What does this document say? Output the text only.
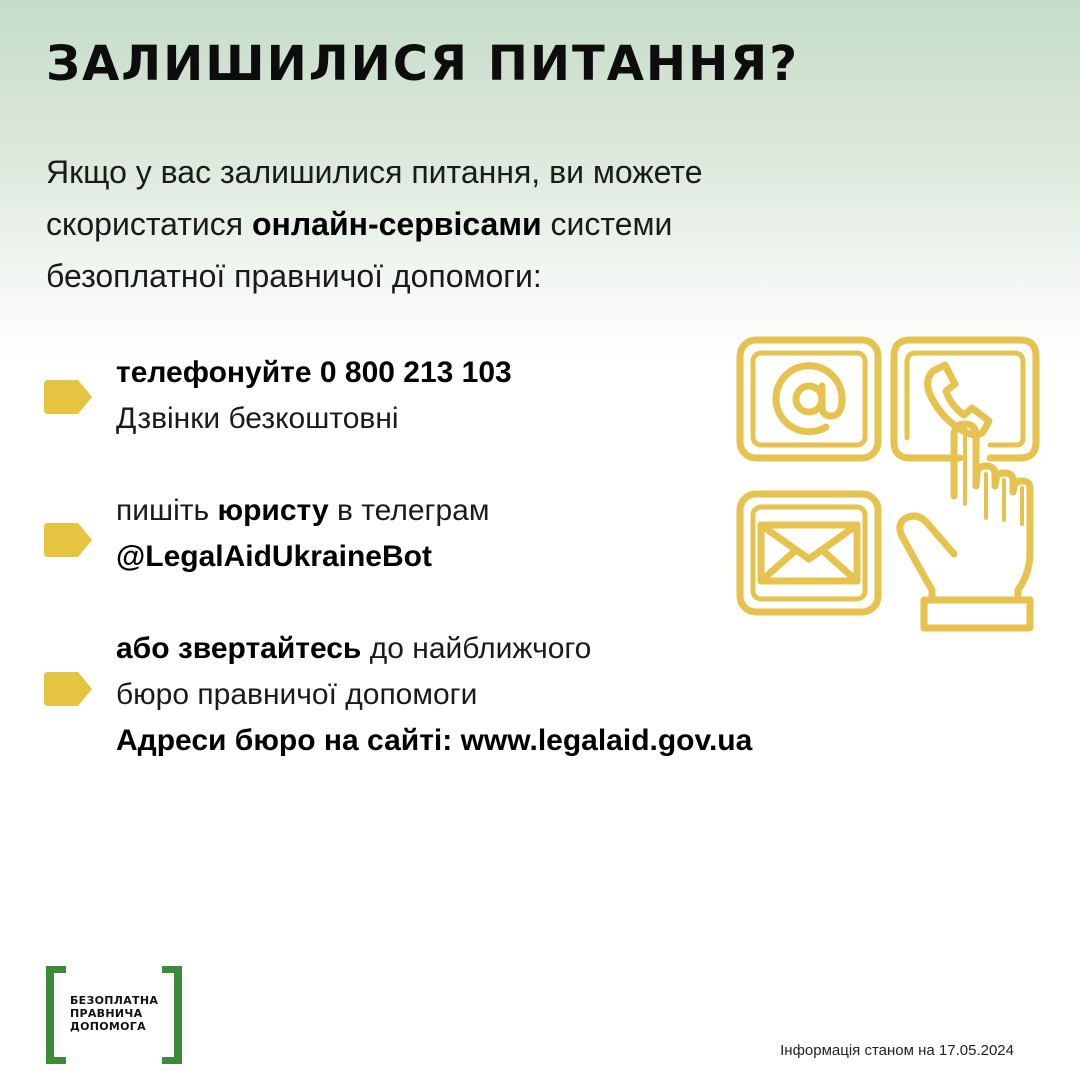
ЗАЛИШИЛИСЯ ПИТАННЯ?

Якщо у вас залишилися питання, ви можете
скористатися онлайн-сервісами системи
безоплатної правничої допомоги:

телефонуйте 0 800 213 103
Дзвінки безкоштовні
пишіть юристу в телеграм
@LegalAidUkraineBot
або звертайтесь до найближчого
бюро правничої допомоги
Адреси бюро на сайті: www.legalaid.gov.ua
БЕЗОПЛАТНА
ПРАВНИЧА
ДОПОМОГА
Інформація станом на 17.05.2024
